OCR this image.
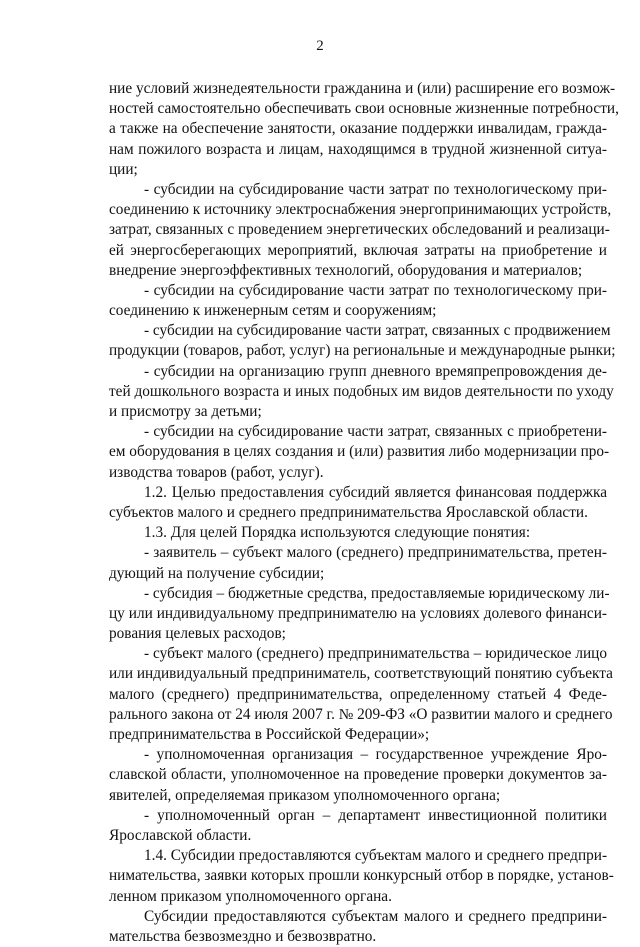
2
ние условий жизнедеятельности гражданина и (или) расширение его возмож-
ностей самостоятельно обеспечивать свои основные жизненные потребности,
а также на обеспечение занятости, оказание поддержки инвалидам, гражда-
нам пожилого возраста и лицам, находящимся в трудной жизненной ситуа-
ции;
- субсидии на субсидирование части затрат по технологическому при-
соединению к источнику электроснабжения энергопринимающих устройств,
затрат, связанных с проведением энергетических обследований и реализаци-
ей энергосберегающих мероприятий, включая затраты на приобретение и
внедрение энергоэффективных технологий, оборудования и материалов;
- субсидии на субсидирование части затрат по технологическому при-
соединению к инженерным сетям и сооружениям;
- субсидии на субсидирование части затрат, связанных с продвижением
продукции (товаров, работ, услуг) на региональные и международные рынки;
- субсидии на организацию групп дневного времяпрепровождения де-
тей дошкольного возраста и иных подобных им видов деятельности по уходу
и присмотру за детьми;
- субсидии на субсидирование части затрат, связанных с приобретени-
ем оборудования в целях создания и (или) развития либо модернизации про-
изводства товаров (работ, услуг).
1.2. Целью предоставления субсидий является финансовая поддержка
субъектов малого и среднего предпринимательства Ярославской области.
1.3. Для целей Порядка используются следующие понятия:
- заявитель – субъект малого (среднего) предпринимательства, претен-
дующий на получение субсидии;
- субсидия – бюджетные средства, предоставляемые юридическому ли-
цу или индивидуальному предпринимателю на условиях долевого финанси-
рования целевых расходов;
- субъект малого (среднего) предпринимательства – юридическое лицо
или индивидуальный предприниматель, соответствующий понятию субъекта
малого (среднего) предпринимательства, определенному статьей 4 Феде-
рального закона от 24 июля 2007 г. № 209-ФЗ «О развитии малого и среднего
предпринимательства в Российской Федерации»;
- уполномоченная организация – государственное учреждение Яро-
славской области, уполномоченное на проведение проверки документов за-
явителей, определяемая приказом уполномоченного органа;
- уполномоченный орган – департамент инвестиционной политики
Ярославской области.
1.4. Субсидии предоставляются субъектам малого и среднего предпри-
нимательства, заявки которых прошли конкурсный отбор в порядке, установ-
ленном приказом уполномоченного органа.
Субсидии предоставляются субъектам малого и среднего предприни-
мательства безвозмездно и безвозвратно.
